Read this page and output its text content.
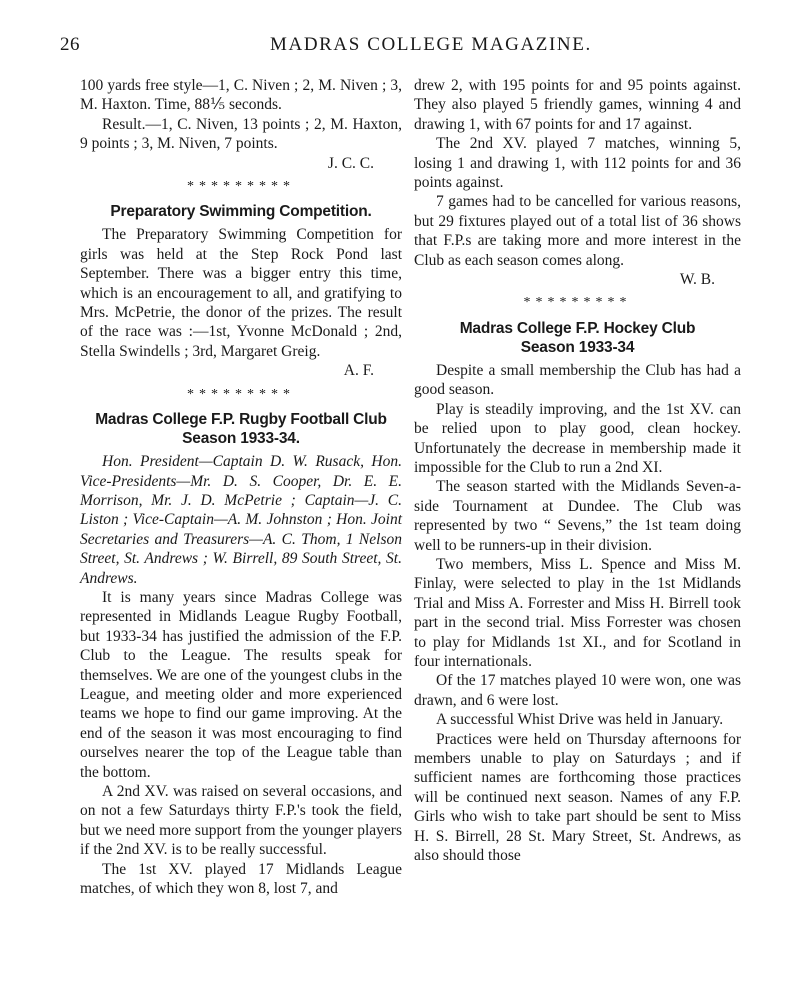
26	MADRAS COLLEGE MAGAZINE.

100 yards free style—1, C. Niven ; 2, M. Niven ; 3, M. Haxton. Time, 88⅕ seconds.

Result.—1, C. Niven, 13 points ; 2, M. Haxton, 9 points ; 3, M. Niven, 7 points.

J. C. C.

*********

Preparatory Swimming Competition.

The Preparatory Swimming Competition for girls was held at the Step Rock Pond last September. There was a bigger entry this time, which is an encouragement to all, and gratifying to Mrs. McPetrie, the donor of the prizes. The result of the race was :—1st, Yvonne McDonald ; 2nd, Stella Swindells ; 3rd, Margaret Greig.

A. F.

*********

Madras College F.P. Rugby Football Club
Season 1933-34.

Hon. President—Captain D. W. Rusack, Hon. Vice-Presidents—Mr. D. S. Cooper, Dr. E. E. Morrison, Mr. J. D. McPetrie ; Captain—J. C. Liston ; Vice-Captain—A. M. Johnston ; Hon. Joint Secretaries and Treasurers—A. C. Thom, 1 Nelson Street, St. Andrews ; W. Birrell, 89 South Street, St. Andrews.

It is many years since Madras College was represented in Midlands League Rugby Football, but 1933-34 has justified the admission of the F.P. Club to the League. The results speak for themselves. We are one of the youngest clubs in the League, and meeting older and more experienced teams we hope to find our game improving. At the end of the season it was most encouraging to find ourselves nearer the top of the League table than the bottom.

A 2nd XV. was raised on several occasions, and on not a few Saturdays thirty F.P.'s took the field, but we need more support from the younger players if the 2nd XV. is to be really successful.

The 1st XV. played 17 Midlands League matches, of which they won 8, lost 7, and

drew 2, with 195 points for and 95 points against. They also played 5 friendly games, winning 4 and drawing 1, with 67 points for and 17 against.

The 2nd XV. played 7 matches, winning 5, losing 1 and drawing 1, with 112 points for and 36 points against.

7 games had to be cancelled for various reasons, but 29 fixtures played out of a total list of 36 shows that F.P.s are taking more and more interest in the Club as each season comes along.

W. B.

*********

Madras College F.P. Hockey Club
Season 1933-34

Despite a small membership the Club has had a good season.

Play is steadily improving, and the 1st XV. can be relied upon to play good, clean hockey. Unfortunately the decrease in membership made it impossible for the Club to run a 2nd XI.

The season started with the Midlands Seven-a-side Tournament at Dundee. The Club was represented by two “ Sevens,” the 1st team doing well to be runners-up in their division.

Two members, Miss L. Spence and Miss M. Finlay, were selected to play in the 1st Midlands Trial and Miss A. Forrester and Miss H. Birrell took part in the second trial. Miss Forrester was chosen to play for Midlands 1st XI., and for Scotland in four internationals.

Of the 17 matches played 10 were won, one was drawn, and 6 were lost.

A successful Whist Drive was held in January.

Practices were held on Thursday afternoons for members unable to play on Saturdays ; and if sufficient names are forthcoming those practices will be continued next season. Names of any F.P. Girls who wish to take part should be sent to Miss H. S. Birrell, 28 St. Mary Street, St. Andrews, as also should those
